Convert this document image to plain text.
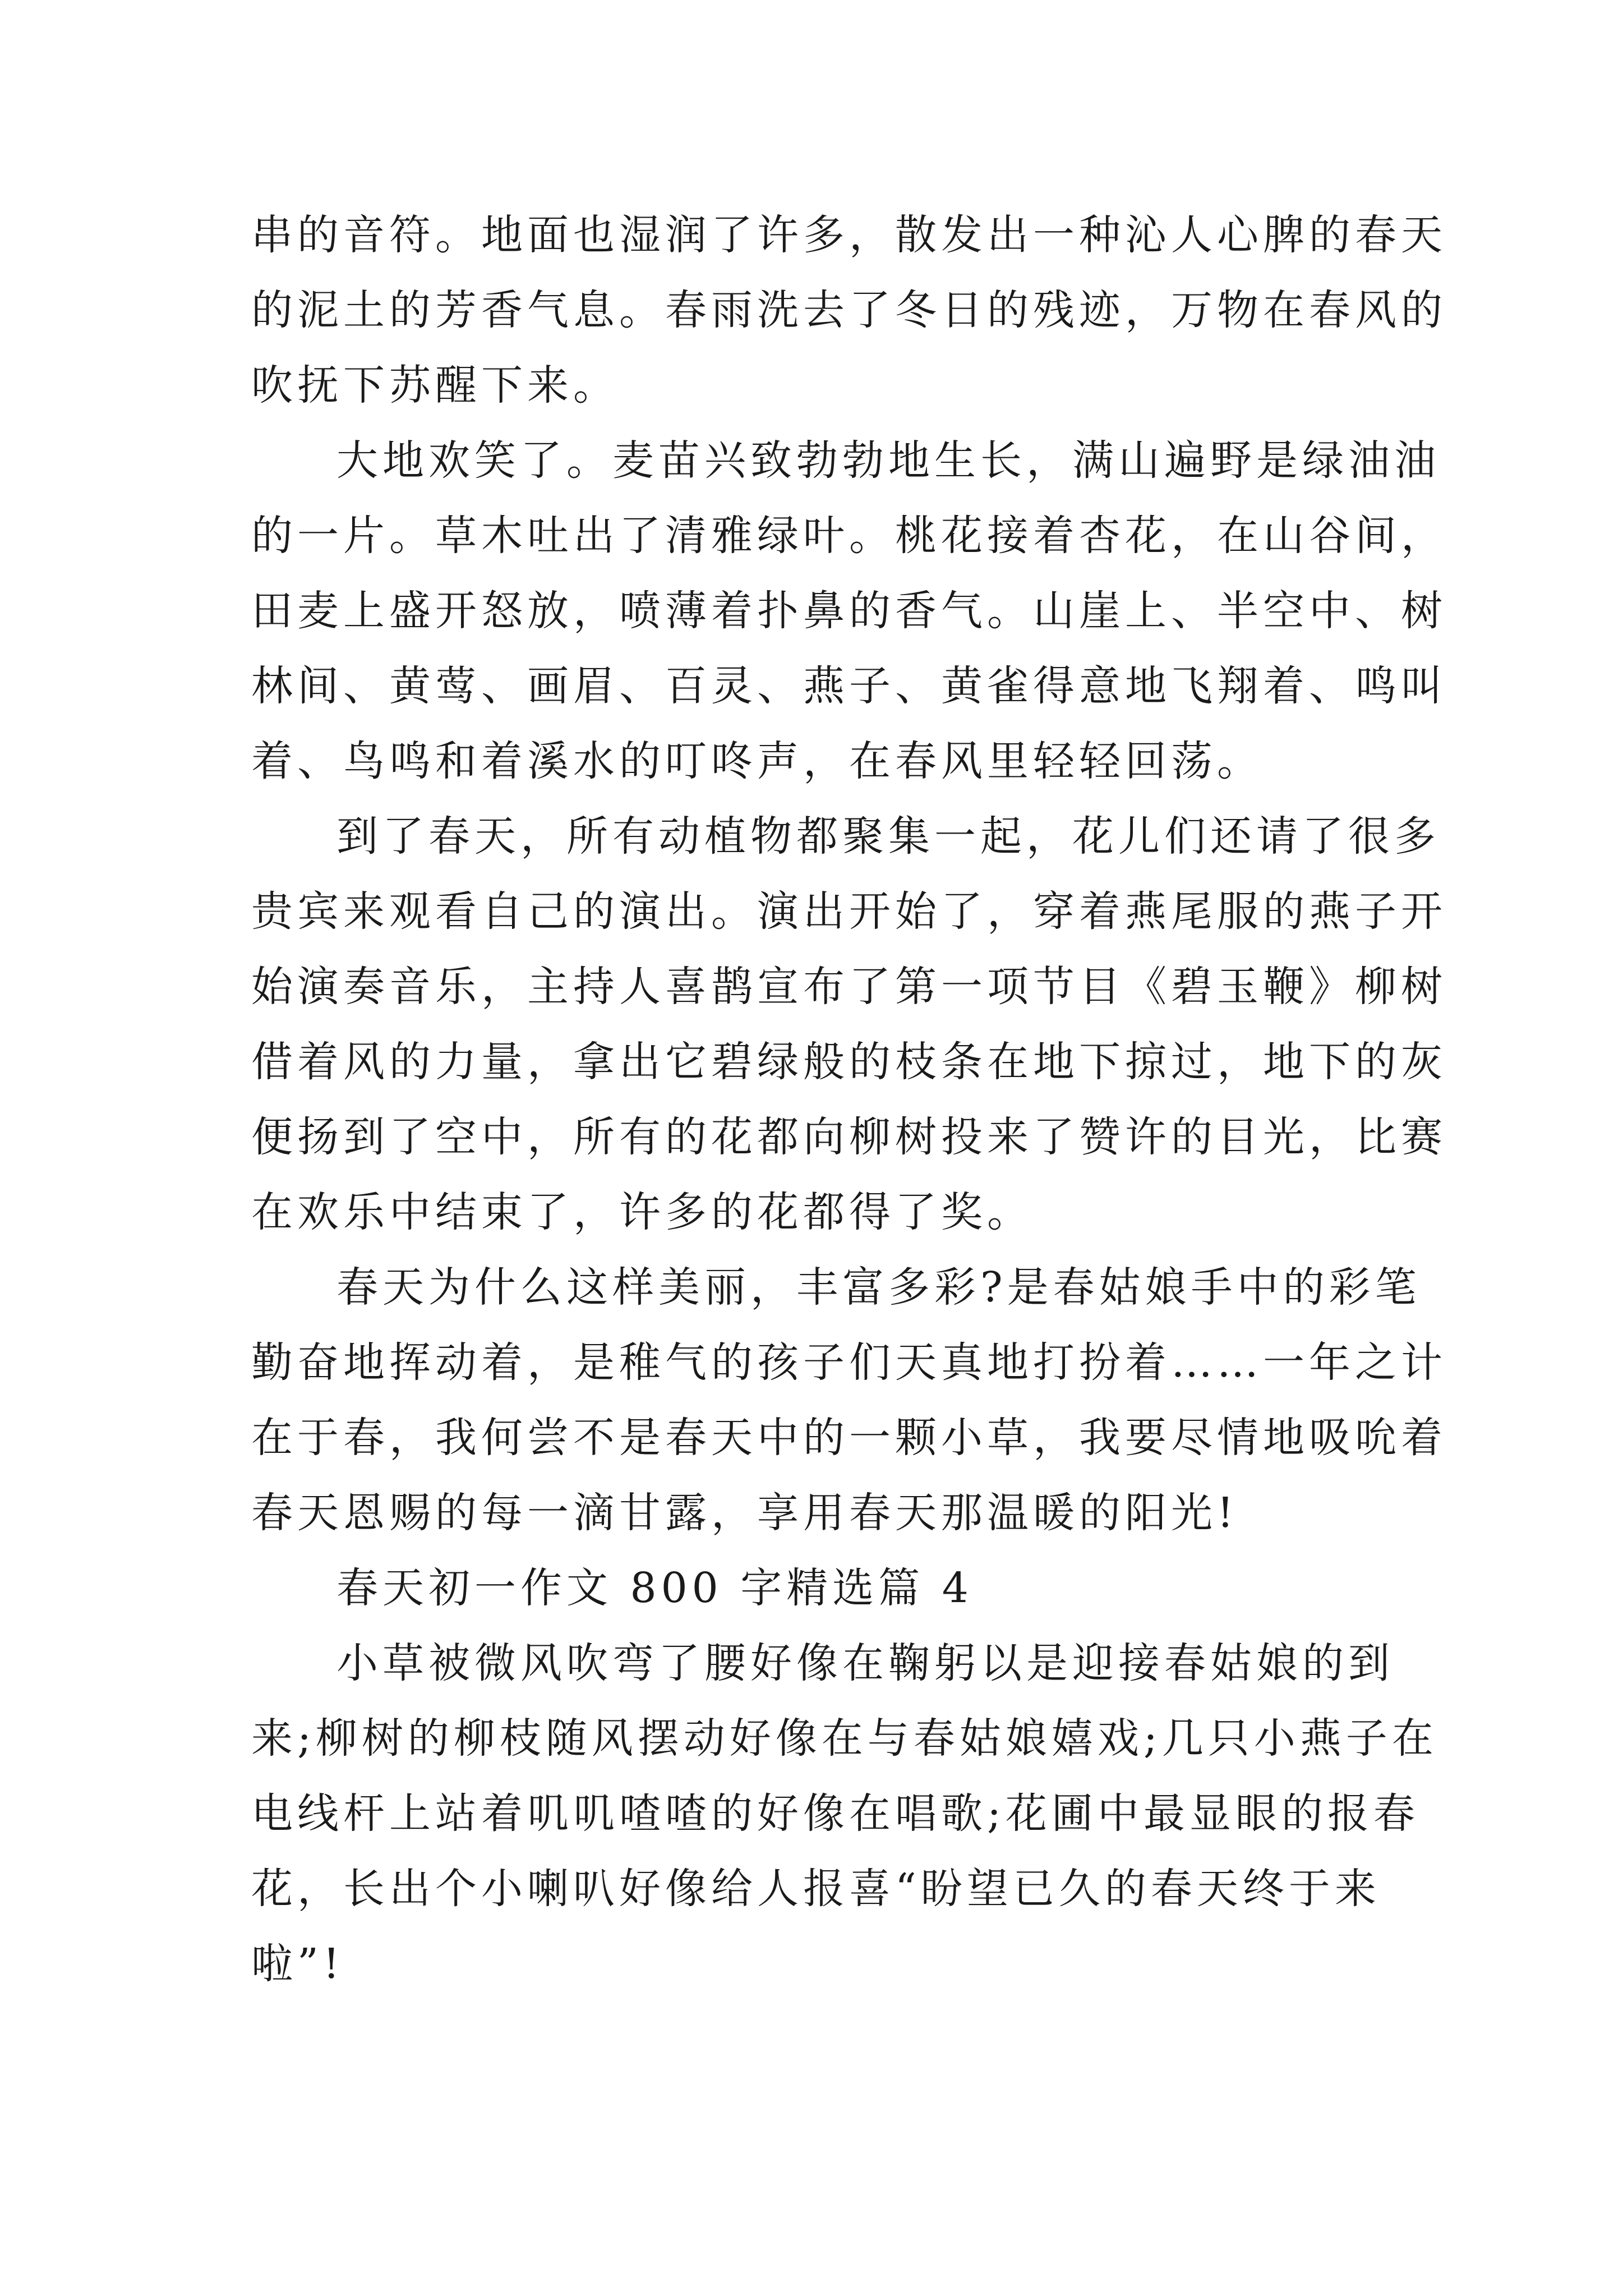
串的音符。地面也湿润了许多，散发出一种沁人心脾的春天
的泥土的芳香气息。春雨洗去了冬日的残迹，万物在春风的
吹抚下苏醒下来。
大地欢笑了。麦苗兴致勃勃地生长，满山遍野是绿油油
的一片。草木吐出了清雅绿叶。桃花接着杏花，在山谷间，
田麦上盛开怒放，喷薄着扑鼻的香气。山崖上、半空中、树
林间、黄莺、画眉、百灵、燕子、黄雀得意地飞翔着、鸣叫
着、鸟鸣和着溪水的叮咚声，在春风里轻轻回荡。
到了春天，所有动植物都聚集一起，花儿们还请了很多
贵宾来观看自己的演出。演出开始了，穿着燕尾服的燕子开
始演奏音乐，主持人喜鹊宣布了第一项节目《碧玉鞭》柳树
借着风的力量，拿出它碧绿般的枝条在地下掠过，地下的灰
便扬到了空中，所有的花都向柳树投来了赞许的目光，比赛
在欢乐中结束了，许多的花都得了奖。
春天为什么这样美丽，丰富多彩?是春姑娘手中的彩笔
勤奋地挥动着，是稚气的孩子们天真地打扮着……一年之计
在于春，我何尝不是春天中的一颗小草，我要尽情地吸吮着
春天恩赐的每一滴甘露，享用春天那温暖的阳光!
春天初一作文 800 字精选篇 4
小草被微风吹弯了腰好像在鞠躬以是迎接春姑娘的到
来;柳树的柳枝随风摆动好像在与春姑娘嬉戏;几只小燕子在
电线杆上站着叽叽喳喳的好像在唱歌;花圃中最显眼的报春
花，长出个小喇叭好像给人报喜“盼望已久的春天终于来
啦”!
